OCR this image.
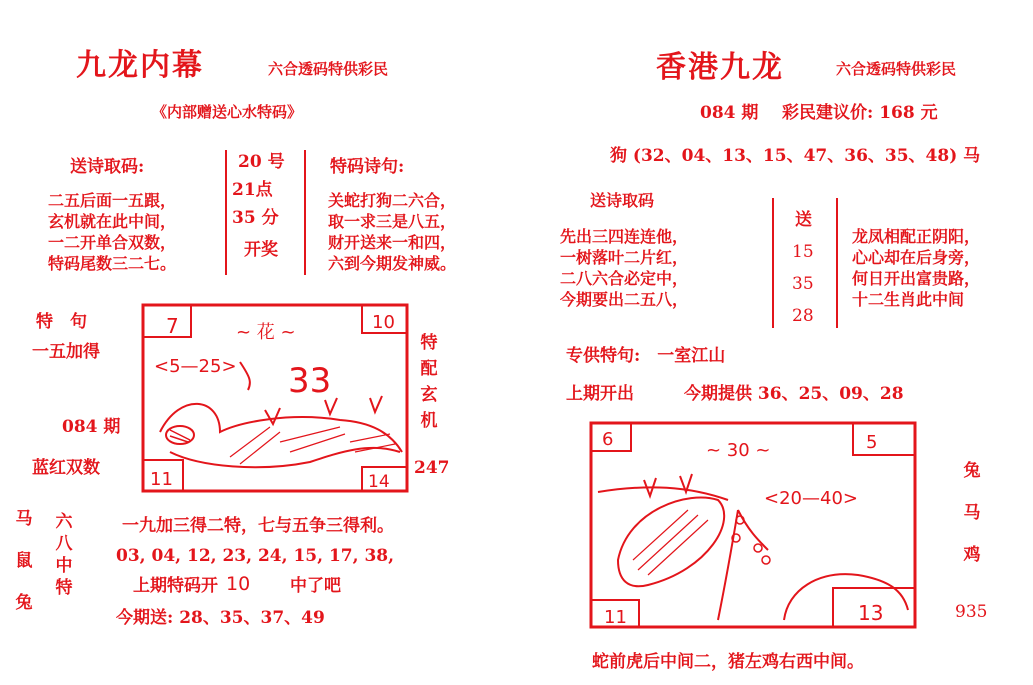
九龙内幕	六合透码特供彩民
《内部赠送心水特码》
送诗取码:
二五后面一五跟，
玄机就在此中间，
一二开单合双数，
特码尾数三二七。
20 号
21点
35 分
开奖
特码诗句:
关蛇打狗二六合，
取一求三是八五，
财开送来一和四，
六到今期发神威。
特　句
一五加得
084 期
蓝红双数
7	10
11	14
~ 花 ~
<5—25> 33
特
配
玄
机
247
马
鼠
兔
六
八
中
特
一九加三得二特，七与五争三得利。
03, 04, 12, 23, 24, 15, 17, 38,
上期特码开 10 中了吧
今期送: 28、35、37、49
香港九龙	六合透码特供彩民
084 期 彩民建议价: 168 元
狗 (32、04、13、15、47、36、35、48) 马
送诗取码
先出三四连连他，
一树落叶二片红，
二八六合必定中，
今期要出二五八，
送
15
35
28
龙凤相配正阴阳，
心心却在后身旁，
何日开出富贵路，
十二生肖此中间
专供特句:　一室江山
上期开出	今期提供 36、25、09、28
6	5
11	13
~ 30 ~
<20—40>
兔
马
鸡
935
蛇前虎后中间二，猪左鸡右西中间。
